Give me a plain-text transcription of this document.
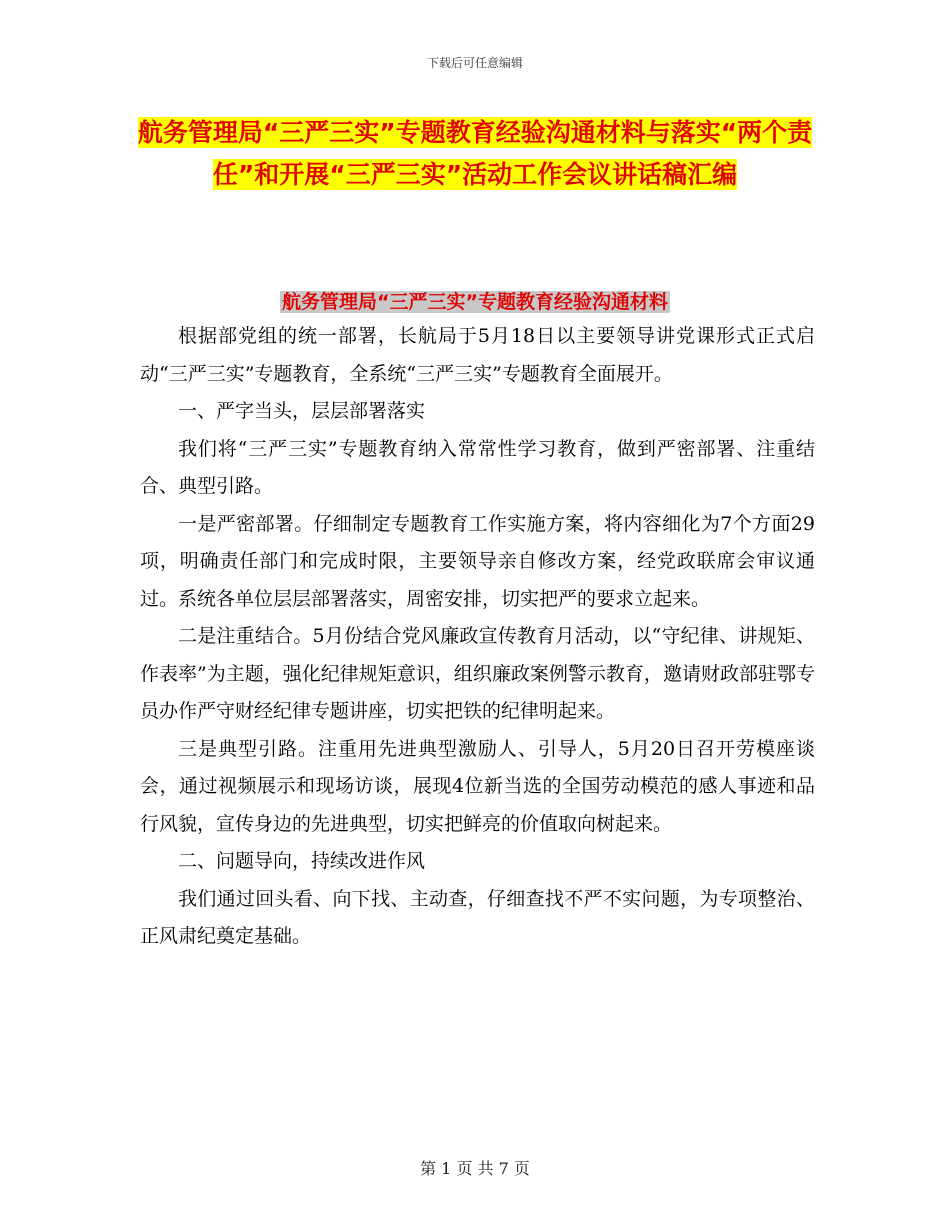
下载后可任意编辑
航务管理局“三严三实”专题教育经验沟通材料与落实“两个责任”和开展“三严三实”活动工作会议讲话稿汇编
航务管理局“三严三实”专题教育经验沟通材料

根据部党组的统一部署，长航局于5月18日以主要领导讲党课形式正式启动“三严三实”专题教育，全系统“三严三实”专题教育全面展开。

一、严字当头，层层部署落实

我们将“三严三实”专题教育纳入常常性学习教育，做到严密部署、注重结合、典型引路。

一是严密部署。仔细制定专题教育工作实施方案，将内容细化为7个方面29项，明确责任部门和完成时限，主要领导亲自修改方案，经党政联席会审议通过。系统各单位层层部署落实，周密安排，切实把严的要求立起来。

二是注重结合。5月份结合党风廉政宣传教育月活动，以“守纪律、讲规矩、作表率”为主题，强化纪律规矩意识，组织廉政案例警示教育，邀请财政部驻鄂专员办作严守财经纪律专题讲座，切实把铁的纪律明起来。

三是典型引路。注重用先进典型激励人、引导人，5月20日召开劳模座谈会，通过视频展示和现场访谈，展现4位新当选的全国劳动模范的感人事迹和品行风貌，宣传身边的先进典型，切实把鲜亮的价值取向树起来。

二、问题导向，持续改进作风

我们通过回头看、向下找、主动查，仔细查找不严不实问题，为专项整治、正风肃纪奠定基础。

第 1 页 共 7 页
